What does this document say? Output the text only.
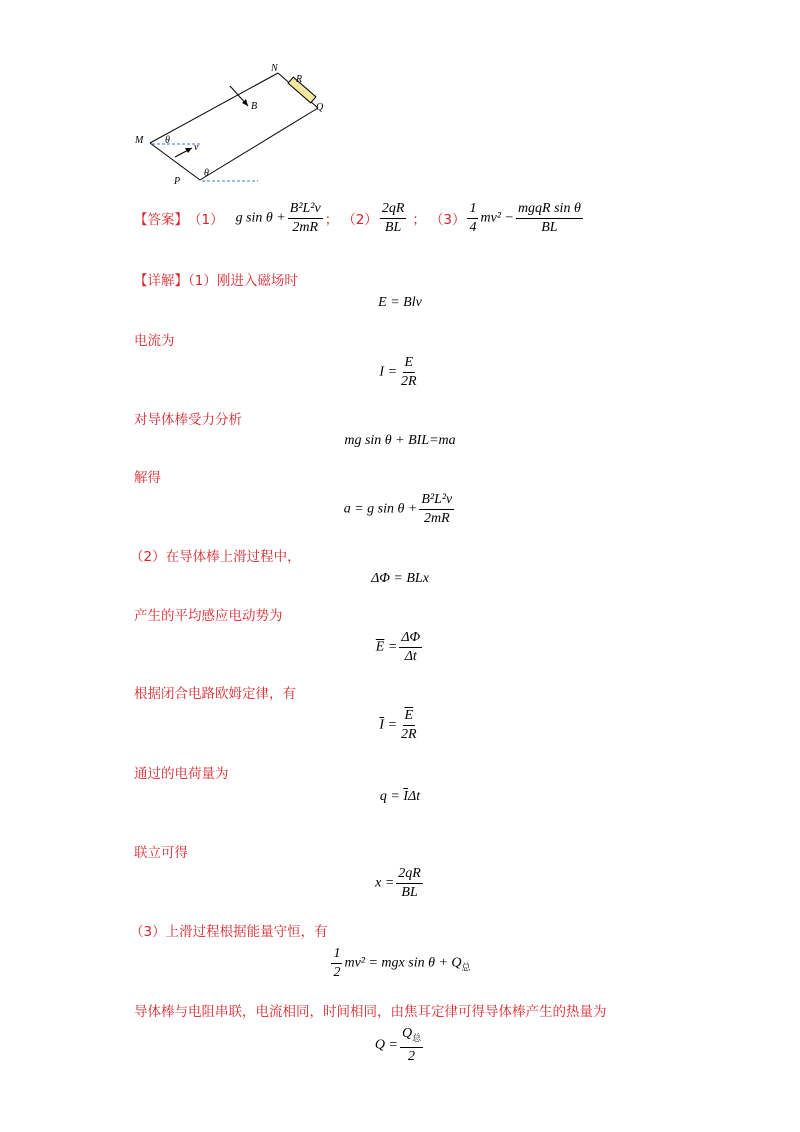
N
R
Q
B
M θ
v
P
θ
【答案】 （1） g $\sin \theta + \frac{\text{B²L²v}}{2mR}$ ； $(2) \frac{2qR}{BL}$ ； $(3) \frac{1}{4} mv^2 - \frac{\text{mgqR sin θ}}{BL}$
【详解】（1）刚进入磁场时
E = Blv
电流为
$I = \frac{E}{2R}$
对导体棒受力分析
mg sin θ + BIL=ma
解得
a = g $\sin \theta + \frac{\text{B²L²v}}{2mR}$
（2）在导体棒上滑过程中，
ΔΦ = BLx
产生的平均感应电动势为
$\overline{E} = \frac{\Delta\Phi}{\Delta t}$
根据闭合电路欧姆定律，有
$\overline{I} = \frac{\overline{E}}{2R}$
通过的电荷量为
$q = \overline{I}\Delta t$
联立可得
$x = \frac{2qR}{BL}$
（3）上滑过程根据能量守恒，有
$\frac{1}{2} mv^2$ = mgx $\sin \theta + Q_总$
导体棒与电阻串联，电流相同，时间相同，由焦耳定律可得导体棒产生的热量为
$Q = \frac{Q_总}{2}$
